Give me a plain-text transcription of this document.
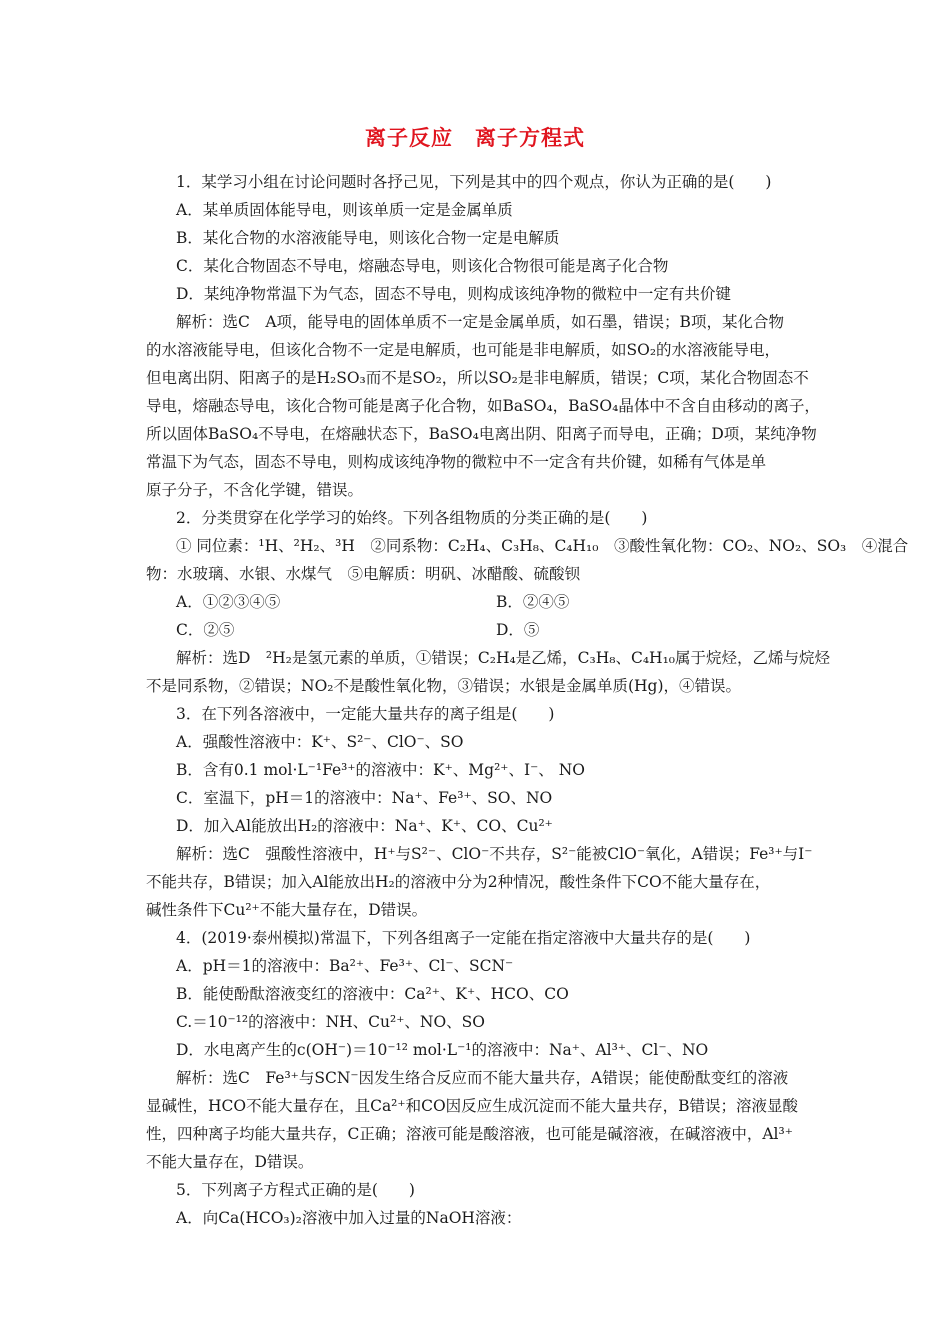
离子反应　离子方程式
1．某学习小组在讨论问题时各抒己见，下列是其中的四个观点，你认为正确的是(　　)
A．某单质固体能导电，则该单质一定是金属单质
B．某化合物的水溶液能导电，则该化合物一定是电解质
C．某化合物固态不导电，熔融态导电，则该化合物很可能是离子化合物
D．某纯净物常温下为气态，固态不导电，则构成该纯净物的微粒中一定有共价键
解析：选C　A项，能导电的固体单质不一定是金属单质，如石墨，错误；B项，某化合物
的水溶液能导电，但该化合物不一定是电解质，也可能是非电解质，如SO₂的水溶液能导电，
但电离出阴、阳离子的是H₂SO₃而不是SO₂，所以SO₂是非电解质，错误；C项，某化合物固态不
导电，熔融态导电，该化合物可能是离子化合物，如BaSO₄，BaSO₄晶体中不含自由移动的离子，
所以固体BaSO₄不导电，在熔融状态下，BaSO₄电离出阴、阳离子而导电，正确；D项，某纯净物
常温下为气态，固态不导电，则构成该纯净物的微粒中不一定含有共价键，如稀有气体是单
原子分子，不含化学键，错误。
2．分类贯穿在化学学习的始终。下列各组物质的分类正确的是(　　)
① 同位素：¹H、²H₂、³H　②同系物：C₂H₄、C₃H₈、C₄H₁₀　③酸性氧化物：CO₂、NO₂、SO₃　④混合
物：水玻璃、水银、水煤气　⑤电解质：明矾、冰醋酸、硫酸钡
A．①②③④⑤	B．②④⑤
C．②⑤	D．⑤
解析：选D　²H₂是氢元素的单质，①错误；C₂H₄是乙烯，C₃H₈、C₄H₁₀属于烷烃，乙烯与烷烃
不是同系物，②错误；NO₂不是酸性氧化物，③错误；水银是金属单质(Hg)，④错误。
3．在下列各溶液中，一定能大量共存的离子组是(　　)
A．强酸性溶液中：K⁺、S²⁻、ClO⁻、SO
B．含有0.1 mol·L⁻¹Fe³⁺的溶液中：K⁺、Mg²⁺、I⁻、 NO
C．室温下，pH＝1的溶液中：Na⁺、Fe³⁺、SO、NO
D．加入Al能放出H₂的溶液中：Na⁺、K⁺、CO、Cu²⁺
解析：选C　强酸性溶液中，H⁺与S²⁻、ClO⁻不共存，S²⁻能被ClO⁻氧化，A错误；Fe³⁺与I⁻
不能共存，B错误；加入Al能放出H₂的溶液中分为2种情况，酸性条件下CO不能大量存在，
碱性条件下Cu²⁺不能大量存在，D错误。
4．(2019·泰州模拟)常温下，下列各组离子一定能在指定溶液中大量共存的是(　　)
A．pH＝1的溶液中：Ba²⁺、Fe³⁺、Cl⁻、SCN⁻
B．能使酚酞溶液变红的溶液中：Ca²⁺、K⁺、HCO、CO
C.＝10⁻¹²的溶液中：NH、Cu²⁺、NO、SO
D．水电离产生的c(OH⁻)＝10⁻¹² mol·L⁻¹的溶液中：Na⁺、Al³⁺、Cl⁻、NO
解析：选C　Fe³⁺与SCN⁻因发生络合反应而不能大量共存，A错误；能使酚酞变红的溶液
显碱性，HCO不能大量存在，且Ca²⁺和CO因反应生成沉淀而不能大量共存，B错误；溶液显酸
性，四种离子均能大量共存，C正确；溶液可能是酸溶液，也可能是碱溶液，在碱溶液中，Al³⁺
不能大量存在，D错误。
5．下列离子方程式正确的是(　　)
A．向Ca(HCO₃)₂溶液中加入过量的NaOH溶液：
